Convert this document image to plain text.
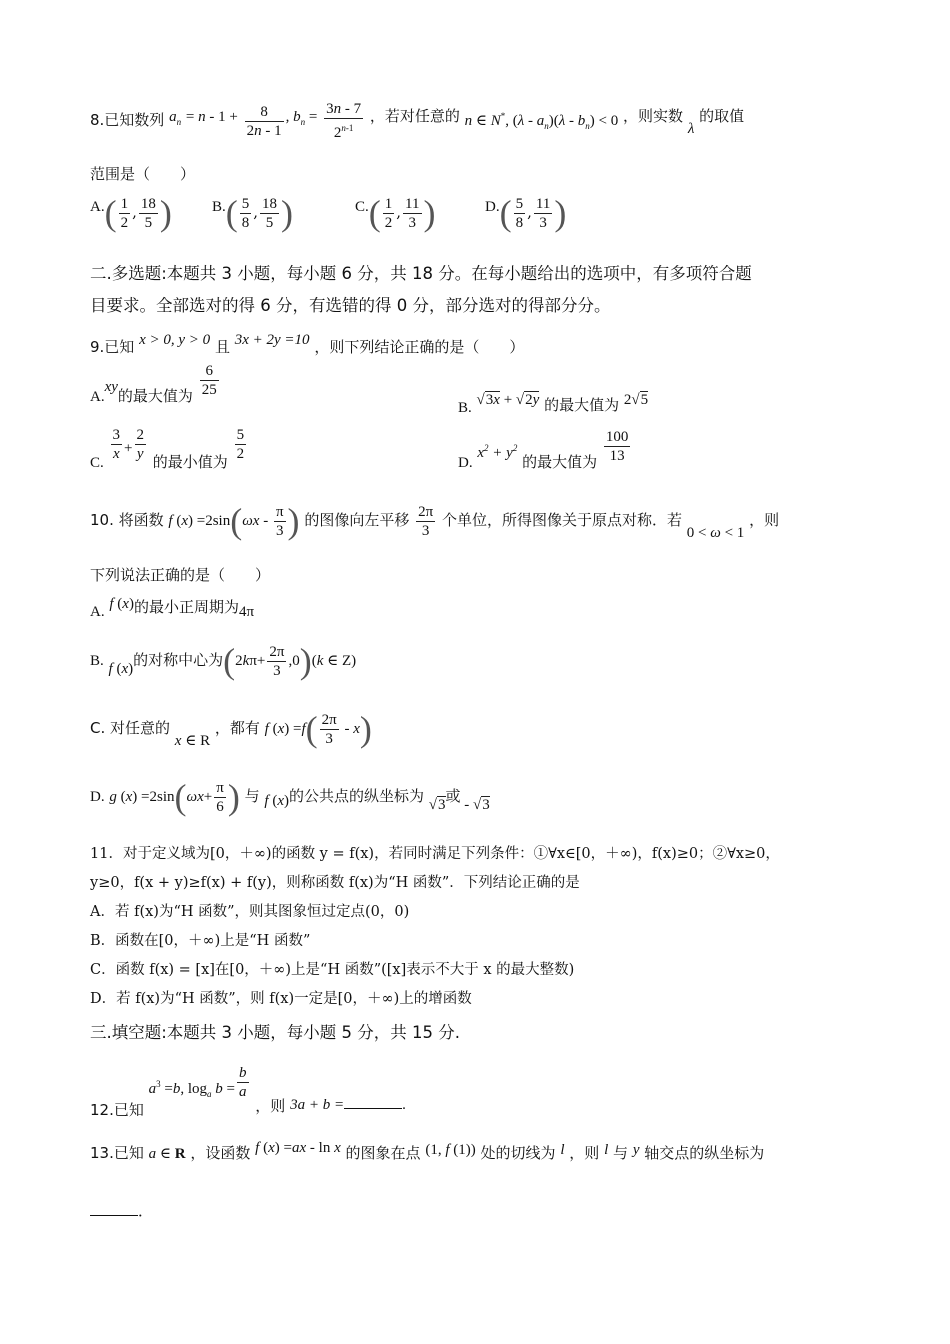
8.已知数列 $a_n = n - 1 + \frac{8}{2n - 1}$ , $b_n = \frac{3n - 7}{2^{n-1}}$ ，若对任意的 n ∈ N*, $(\lambda - a_n)(\lambda - b_n) < 0$ ，则实数 λ 的取值
范围是（　　）
$A.( \frac{1}{2}$ , $\frac{18}{5}$ )	$B.( \frac{5}{8}$ , $\frac{18}{5}$ )	$C.( \frac{1}{2}$ , $\frac{11}{3}$ )	$D.( \frac{5}{8}$ , $\frac{11}{3}$ )
二.多选题:本题共 3 小题，每小题 6 分，共 18 分。在每小题给出的选项中，有多项符合题
目要求。全部选对的得 6 分，有选错的得 0 分，部分选对的得部分分。
9.已知 x > 0, y > 0 且 3x + 2y =10 ，则下列结论正确的是（　　）
A.xy的最大值为 $\frac{6}{25}$
B. √3x + √2y 的最大值为 2√5
C. $\frac{3}{x} + \frac{2}{y}$ 的最小值为 $\frac{5}{2}$	D. $x^2 + y^2$ 的最大值为 $\frac{100}{13}$
10. 将函数 f $(x) =2\sin(\omega x - \frac{\pi}{3}$ ) 的图像向左平移 $\frac{2\pi}{3}$ 个单位，所得图像关于原点对称．若 0 < ω < 1 ，则
下列说法正确的是（　　）
A. f (x)的最小正周期为4π
B. f (x)的对称中心为$(2k\pi+ \frac{2\pi}{3} ,0)(k$ ∈ Z)
C. 对任意的 x ∈ R ，都有 f $(x) =f( \frac{2\pi}{3} - x)$
D. g $(x) =2\sin(\omega x+ \frac{\pi}{6}$ ) 与 f (x)的公共点的纵坐标为 √3或 - √3
11．对于定义域为[0，＋∞)的函数 y = f(x)，若同时满足下列条件：①∀x∈[0，＋∞)，f(x)≥0；②∀x≥0，
y≥0，f(x + y)≥f(x) + f(y)，则称函数 f(x)为“H 函数”．下列结论正确的是
A．若 f(x)为“H 函数”，则其图象恒过定点(0，0)
B．函数在[0，＋∞)上是“H 函数”
C．函数 f(x) = [x]在[0，＋∞)上是“H 函数”([x]表示不大于 x 的最大整数)
D．若 f(x)为“H 函数”，则 f(x)一定是[0，＋∞)上的增函数
三.填空题:本题共 3 小题，每小题 5 分，共 15 分.
12.已知 $a^3 =b$, $\log_a b = \frac{b}{a}$
，则 3a + b =	.
13.已知 a ∈ R ，设函数 f (x) =ax - ln x 的图象在点 (1, f (1)) 处的切线为 l ，则 l 与 y 轴交点的纵坐标为
．
